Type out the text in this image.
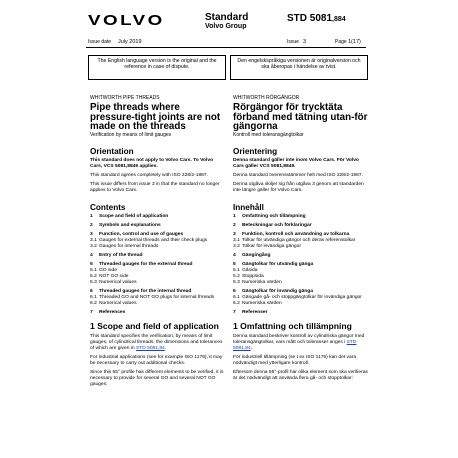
VOLVO	Standard
Volvo Group
STD 5081,884
Issue date July 2019	Issue 3	Page 1(17)
The English language version is the original and the reference in case of dispute.
Den engelskspråkiga versionen är originalversion och ska åberopas i händelse av tvist.
WHITWORTH PIPE THREADS
Pipe threads where pressure-tight joints are not made on the threads
Verification by means of limit gauges
Orientation
This standard does not apply to Volvo Cars. To Volvo Cars, VCS 5081,8849 applies.
This standard agrees completely with ISO 228/2-1987.
This issue differs from issue 3 in that the standard no longer applies to Volvo Cars.
Contents
1	Scope and field of application
2	Symbols and explanations
3	Function, control and use of gauges
3.1 Gauges for external threads and their check plugs
3.2 Gauges for internal threads
4	Entry of the thread
5	Threaded gauges for the external thread
5.1 GO side
5.2 NOT GO side
5.3 Numerical values
6	Threaded gauges for the internal thread
6.1 Threaded GO and NOT GO plugs for internal threads
6.2 Numerical values
7	References
1 Scope and field of application
This standard specifies the verification, by means of limit gauges, of cylindrical threads, the dimensions and tolerances of which are given in STD 5081,84.
For industrial applications (see for example ISO 1179), it may be necessary to carry out additional checks.
Since this 55° profile has different elements to be verified, it is necessary to provide for several GO and several NOT GO gauges:
WHITWORTH RÖRGÄNGOR
Rörgängor för trycktäta förband med tätning utan-för gängorna
Kontroll med toleransgängtolkar
Orientering
Denna standard gäller inte inom Volvo Cars. För Volvo Cars gäller VCS 5081,8849.
Denna standard överensstämmer helt med ISO 228/2-1987.
Denna utgåva skiljer sig från utgåva 3 genom att standarden inte längre gäller för Volvo Cars.
Innehåll
1	Omfattning och tillämpning
2	Beteckningar och förklaringar
3	Funktion, kontroll och användning av tolkarna
3.1 Tolkar för utvändiga gängor och deras referenstolkar
3.2 Tolkar för invändiga gängor
4	Gängingång
5	Gängtolkar för utvändig gänga
5.1 Gåsida
5.2 Stoppsida
5.3 Numeriska värden
6	Gängtolkar för invändig gänga
6.1 Gängade gå- och stoppgängtolkar för invändiga gängor
6.2 Numeriska värden
7	Referenser
1 Omfattning och tillämpning
Denna standard beskriver kontroll av cylindriska gängor med toleransgängtolkar, vars mått och toleranser anges i STD 5081,84.
För industriell tillämpning (se t ex ISO 1179) kan det vara nödvändigt med ytterligare kontroll.
Eftersom denna 55°-profil har olika element som ska verifieras är det nödvändigt att använda flera gå- och stopptolkar:
